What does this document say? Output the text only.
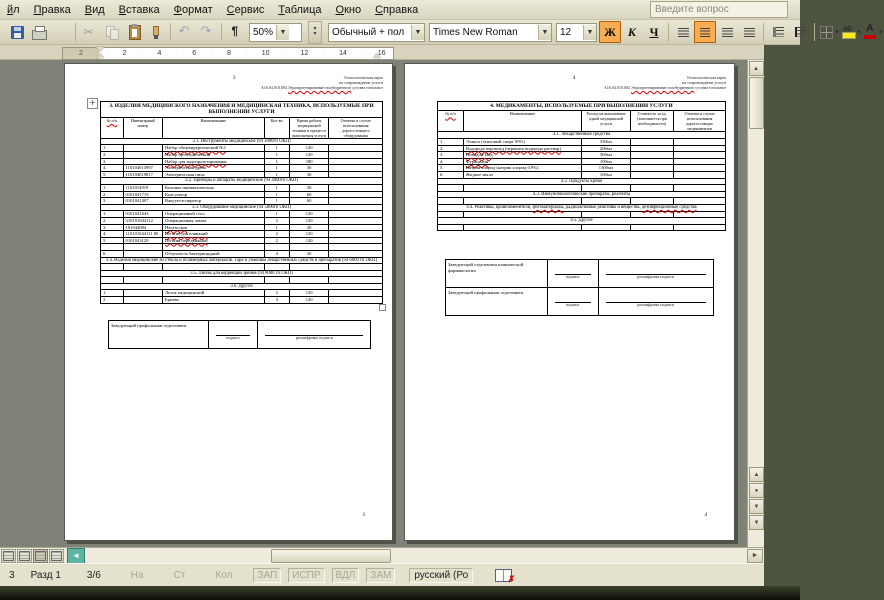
йл Правка Вид Вставка Формат Сервис Таблица Окно Справка	Введите вопрос
✂
↶
↷
¶
50% ▼	▾
▾ Обычный + пол	▼ Times New Roman	▼ 12	▼ Ж К Ч	▾ ab	▾ А	▾
2	· 2 · 4 · 6 · 8 · 10 · 12 · 14 · 16
3	Технологическая карта
на сопровождение услуги
А16.04.010.004 Эндопротезирование тазобедренного сустава тотальное
+	3. ИЗДЕЛИЯ МЕДИЦИНСКОГО НАЗНАЧЕНИЯ И МЕДИЦИНСКАЯ ТЕХНИКА, ИСПОЛЬЗУЕМЫЕ ПРИ ВЫПОЛНЕНИИ УСЛУГИ					
№ п/п	Инвентарный номер	Наименование	Кол-во	Время работы медицинской техники в процессе выполнения услуги	Отметка в случае использования дорогостоящего оборудования
3.1. Инструменты медицинские (94 3000гп ОКП)					
1.		Набор общехирургический №1	1	120	
2.		Набор ортопедический	1	120	
3.		Набор для эндопротезирования	1	180	
4.	110104013997	Электрическая дрель	1	30	
5.	110104019817	Электрическая пила	1	30	
3.2. Приборы и аппараты медицинские (94 4000гп ОКП)					
1.	1101014919	Колонка пневматическая	1	30	
2.	0101041719	Коагулятор	1	60	
3.	0101041407	Вакуум-аспиратор	1	60	
3.3. Оборудование медицинское (94 5000гп ОКП)					
1.	0101041643	Операционный стол	1	120	
2.	310101044112	Операционная лампа	2	120	
3.	101044094	Негатоскоп	1	20	
4.	110101044111 80	Штатив для вливаний	2	120	
5.	0101043129	Штатив передвижной	2	120	

6.		Облучатель бактерицидный	4	20	
3.4. Изделия медицинские из стекла и полимерных материалов. Тара и упаковка лекарственных средств и препаратов (94 6000 гп ОКП)					

3.5. Линзы для коррекции зрения (94 8000 гп ОКП)					

3.6. Другое					
1.		Лоток медицинский	2	120	
2.		Бритва	3	120	
Заведующий профильным отделением	
подпись	расшифровка подписи
3
4	Технологическая карта
на сопровождение услуги
А16.04.010.004 Эндопротезирование тазобедренного сустава тотальное
4. МЕДИКАМЕНТЫ, ИСПОЛЬЗУЕМЫЕ ПРИ ВЫПОЛНЕНИИ УСЛУГИ				
№ п/п	Наименование	Расход на выполнение одной медицинской услуги	Стоимость за ед. (заполняется при необходимости)	Отметка в случае использования дорогостоящих медикаментов
4.1. Лекарственные средства				
1.	Этанол (этиловый спирт 95%)	330мл		
2.	Водорода пероксид (перекись водорода раствор)	200мл		
3.	Повидон-Йод	300мл		
4.	Фурацилин	100мл		
5.	Натрия хлорид (натрия хлорид 0,9%)	1300мл		
6.	Жидкое мыло	100мл		
4.2. Продукты крови				

4.3. Иммунобиологические препараты, реагенты				

4.4. Реактивы, кровезаменители, фотоматериалы, радиоактивные реактивы и вещества, дезинфекционные средства				

4.5. Другое				

Заведующий отделением клинической фармакологии	подпись	расшифровка подписи

Заведующий профильным отделением	подпись	расшифровка подписи
4
▲
▲
●
▼
▼
◄	►
3 Разд 1	3/6	На	Ст	Кол	ЗАП ИСПР ВДЛ ЗАМ	русский (Ро
✗
